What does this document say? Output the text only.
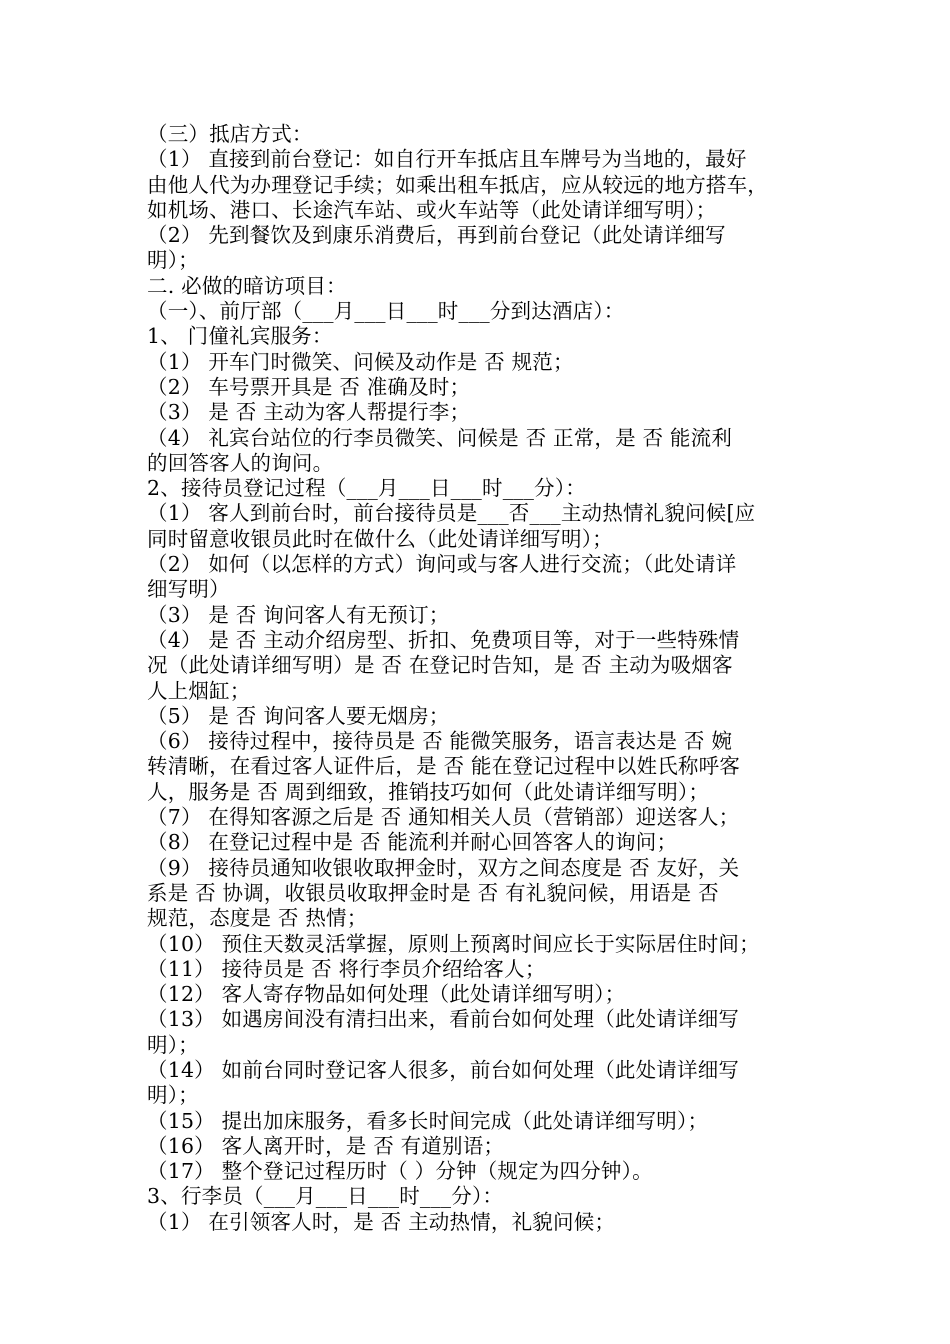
（三）抵店方式：
（1） 直接到前台登记：如自行开车抵店且车牌号为当地的，最好
由他人代为办理登记手续；如乘出租车抵店，应从较远的地方搭车，
如机场、港口、长途汽车站、或火车站等（此处请详细写明）；
（2） 先到餐饮及到康乐消费后，再到前台登记（此处请详细写
明）；
二. 必做的暗访项目：
（一）、前厅部（___月___日___时___分到达酒店）：
1、 门僮礼宾服务：
（1） 开车门时微笑、问候及动作是 否 规范；
（2） 车号票开具是 否 准确及时；
（3） 是 否 主动为客人帮提行李；
（4） 礼宾台站位的行李员微笑、问候是 否 正常，是 否 能流利
的回答客人的询问。
2、接待员登记过程（___月___日___时___分）：
（1） 客人到前台时，前台接待员是___否___主动热情礼貌问候[应
同时留意收银员此时在做什么（此处请详细写明）；
（2） 如何（以怎样的方式）询问或与客人进行交流；（此处请详
细写明）
（3） 是 否 询问客人有无预订；
（4） 是 否 主动介绍房型、折扣、免费项目等，对于一些特殊情
况（此处请详细写明）是 否 在登记时告知，是 否 主动为吸烟客
人上烟缸；
（5） 是 否 询问客人要无烟房；
（6） 接待过程中，接待员是 否 能微笑服务，语言表达是 否 婉
转清晰，在看过客人证件后，是 否 能在登记过程中以姓氏称呼客
人，服务是 否 周到细致，推销技巧如何（此处请详细写明）；
（7） 在得知客源之后是 否 通知相关人员（营销部）迎送客人；
（8） 在登记过程中是 否 能流利并耐心回答客人的询问；
（9） 接待员通知收银收取押金时，双方之间态度是 否 友好，关
系是 否 协调，收银员收取押金时是 否 有礼貌问候，用语是 否
规范，态度是 否 热情；
（10） 预住天数灵活掌握，原则上预离时间应长于实际居住时间；
（11） 接待员是 否 将行李员介绍给客人；
（12） 客人寄存物品如何处理（此处请详细写明）；
（13） 如遇房间没有清扫出来，看前台如何处理（此处请详细写
明）；
（14） 如前台同时登记客人很多，前台如何处理（此处请详细写
明）；
（15） 提出加床服务，看多长时间完成（此处请详细写明）；
（16） 客人离开时，是 否 有道别语；
（17） 整个登记过程历时（ ）分钟（规定为四分钟）。
3、行李员（___月___日___时___分）：
（1） 在引领客人时，是 否 主动热情，礼貌问候；
